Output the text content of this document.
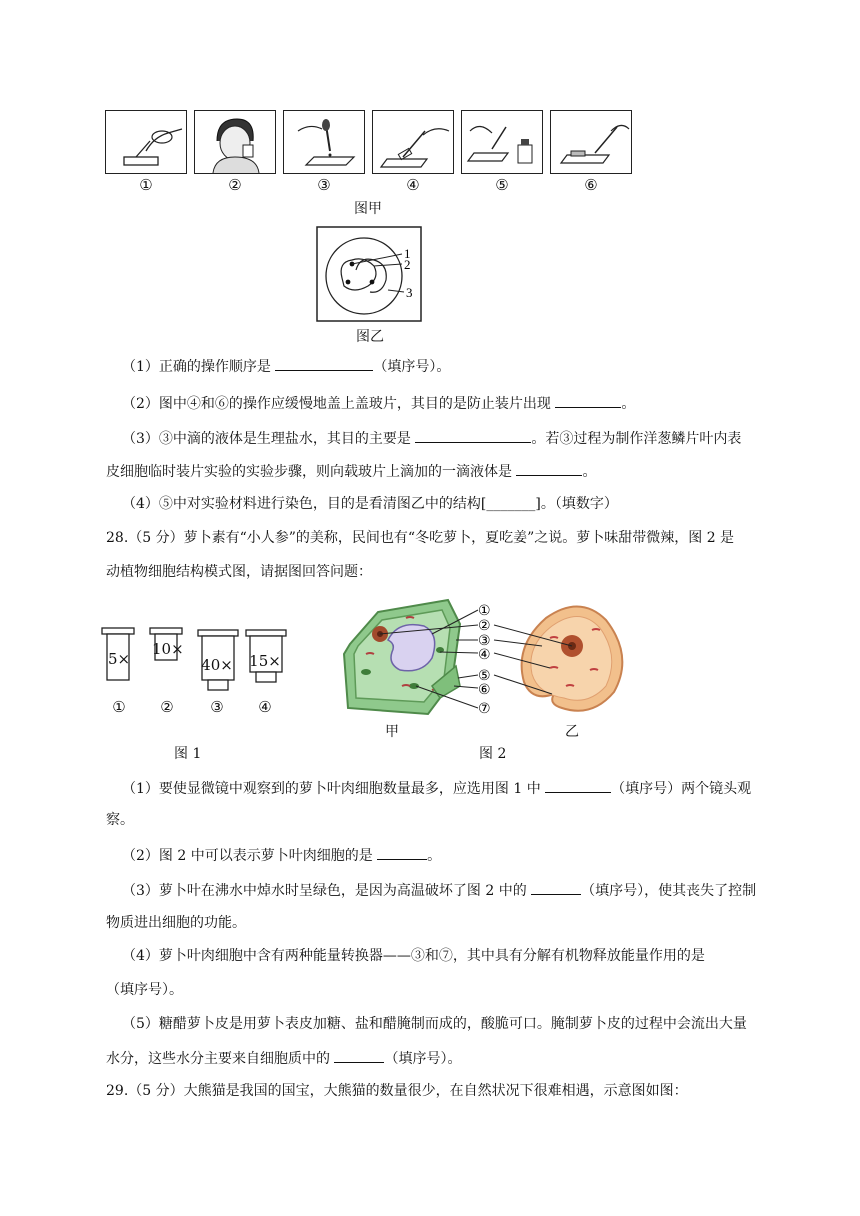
①	②	③	④	⑤	⑥
图甲
1
2
3
图乙
（1）正确的操作顺序是	（填序号）。
（2）图中④和⑥的操作应缓慢地盖上盖玻片，其目的是防止装片出现	。
（3）③中滴的液体是生理盐水，其目的主要是	。若③过程为制作洋葱鳞片叶内表
皮细胞临时装片实验的实验步骤，则向载玻片上滴加的一滴液体是	。
（4）⑤中对实验材料进行染色，目的是看清图乙中的结构[_______]。（填数字）
28.（5 分）萝卜素有“小人参”的美称，民间也有“冬吃萝卜，夏吃姜”之说。萝卜味甜带微辣，图 2 是
动植物细胞结构模式图，请据图回答问题：
5×
10×
40× 15×
①	②	③	④
图 1
①
②
③
④
⑤
⑥
⑦
甲	乙
图 2
（1）要使显微镜中观察到的萝卜叶肉细胞数量最多，应选用图 1 中	（填序号）两个镜头观
察。
（2）图 2 中可以表示萝卜叶肉细胞的是	。
（3）萝卜叶在沸水中焯水时呈绿色，是因为高温破坏了图 2 中的	（填序号），使其丧失了控制
物质进出细胞的功能。
（4）萝卜叶肉细胞中含有两种能量转换器——③和⑦，其中具有分解有机物释放能量作用的是
（填序号）。
（5）糖醋萝卜皮是用萝卜表皮加糖、盐和醋腌制而成的，酸脆可口。腌制萝卜皮的过程中会流出大量
水分，这些水分主要来自细胞质中的	（填序号）。
29.（5 分）大熊猫是我国的国宝，大熊猫的数量很少，在自然状况下很难相遇，示意图如图：
